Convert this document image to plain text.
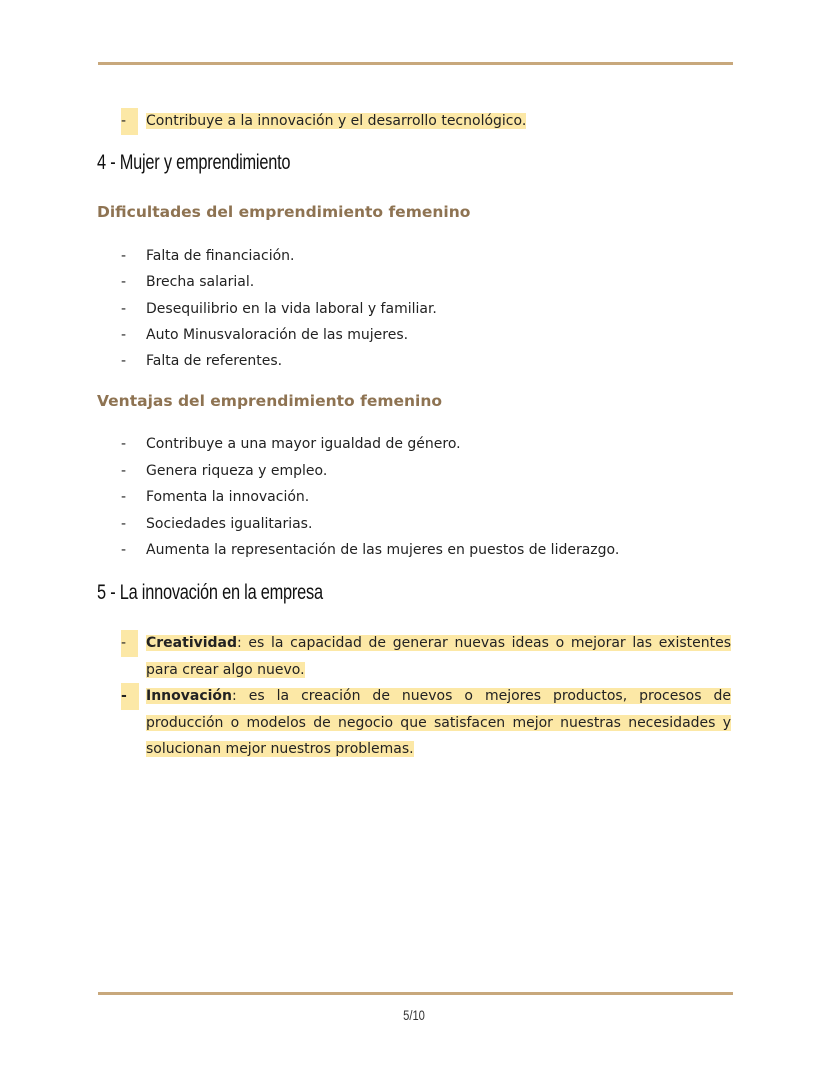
-	Contribuye a la innovación y el desarrollo tecnológico.
4 - Mujer y emprendimiento
Dificultades del emprendimiento femenino
- Falta de financiación.
- Brecha salarial.
- Desequilibrio en la vida laboral y familiar.
- Auto Minusvaloración de las mujeres.
- Falta de referentes.
Ventajas del emprendimiento femenino
- Contribuye a una mayor igualdad de género.
- Genera riqueza y empleo.
- Fomenta la innovación.
- Sociedades igualitarias.
- Aumenta la representación de las mujeres en puestos de liderazgo.
5 - La innovación en la empresa
-	Creatividad: es la capacidad de generar nuevas ideas o mejorar las existentes para crear algo nuevo.
-	Innovación: es la creación de nuevos o mejores productos, procesos de producción o modelos de negocio que satisfacen mejor nuestras necesidades y solucionan mejor nuestros problemas.
5/10
